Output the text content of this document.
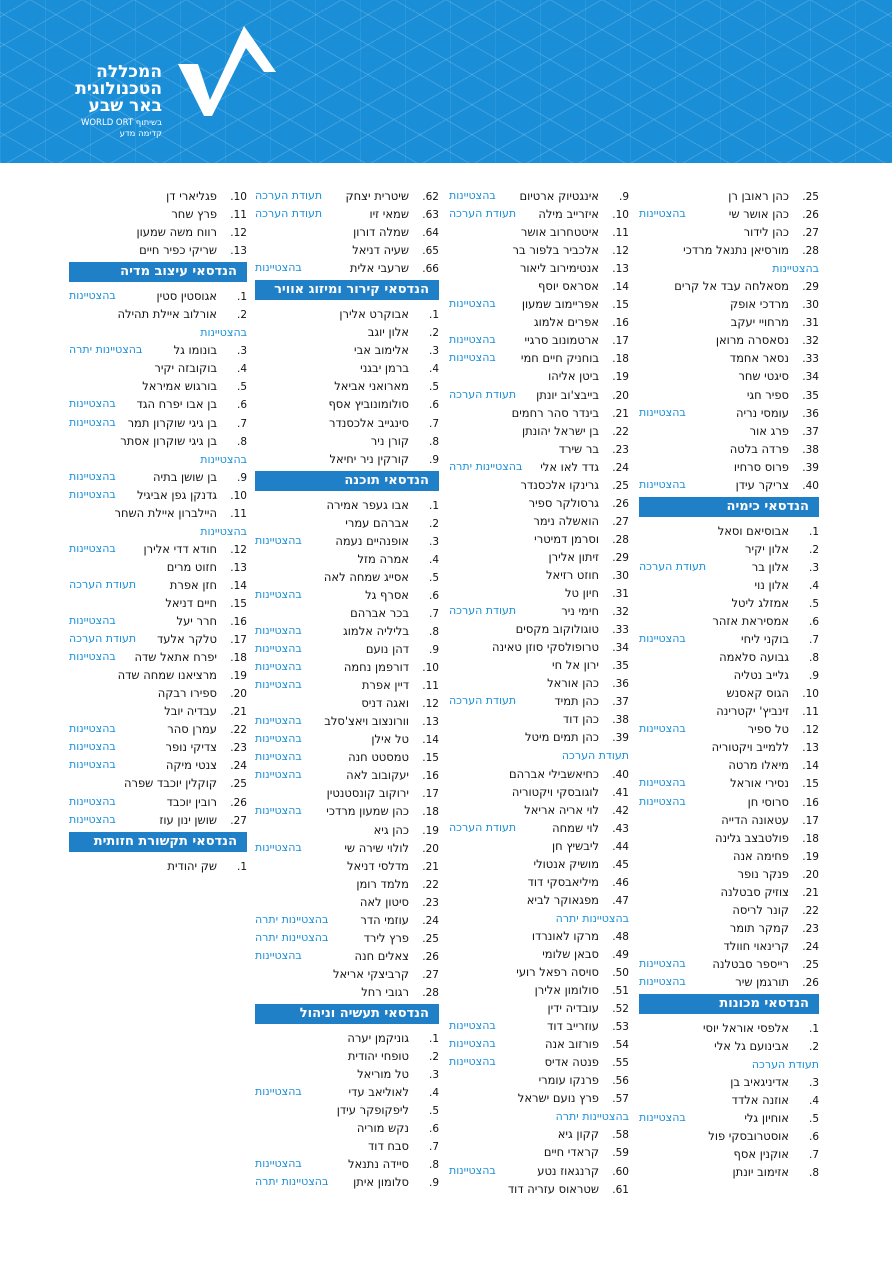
המכללה
הטכנולוגית
באר שבע
בשיתוף WORLD ORT
קדימה מדע
25.כהן ראובן רן
26.כהן אושר שי
בהצטיינות
27.כהן לידור
28.מורסיאן נתנאל מרדכי
בהצטיינות
29.מסאלחה עבד אל קרים
30.מרדכי אופק
31.מרחויי יעקב
32.נסאסרה מרואן
33.נסאר אחמד
34.סיגטי שחר
35.ספיר חגי
36.עומסי נריה
בהצטיינות
37.פרג אור
38.פרדה בלטה
39.פרוס סרחיו
40.צריקר עידן
בהצטיינות
הנדסאי כימיה
1.אבוסיאם וסאל
2.אלון יקיר
3.אלון בר
תעודת הערכה
4.אלון נוי
5.אמזלג ליטל
6.אמסיראת אזהר
7.בוקני ליחי
בהצטיינות
8.גבועה סלאמה
9.גלייב נטליה
10.הגוס קאסנש
11.זינביץ' יקטרינה
12.טל ספיר
בהצטיינות
13.ללמייב ויקטוריה
14.מיאלו מרטה
15.נסירי אוראל
בהצטיינות
16.סרוסי חן
בהצטיינות
17.עטאונה הדייה
18.פולטבצב גלינה
19.פחימה אנה
20.פנקר נופר
21.צוזיק סבטלנה
22.קונר לריסה
23.קמקר תומר
24.קרינאוי חוולד
25.רייספר סבטלנה
בהצטיינות
26.תורגמן שיר
בהצטיינות
הנדסאי מכונות
1.אלפסי אוראל יוסי
2.אבינועם גל אלי
תעודת הערכה
3.אדיניגאיב בן
4.אוזנה אלדד
5.אוחיון גלי
בהצטיינות
6.אוסטרובסקי פול
7.אוקנין אסף
8.אזימוב יונתן
9.אינגטיוק ארטיום
בהצטיינות
10.איזרייב מילה
תעודת הערכה
11.איטטחרוב אושר
12.אלכביר בלפור בר
13.אנטימירוב ליאור
14.אסראס יוסף
15.אפריימוב שמעון
בהצטיינות
16.אפרים אלמוג
17.ארטמונוב סרגיי
בהצטיינות
18.בוחניק חיים חמי
בהצטיינות
19.ביטן אליהו
20.בייבצ'וב יונתן
תעודת הערכה
21.בינדר סהר רחמים
22.בן ישראל יהונתן
23.בר שירד
24.גדד לאו אלי
בהצטיינות יתרה
25.גרינקו אלכסנדר
26.גרסולקר ספיר
27.הואשלה נימר
28.וסרמן דמיטרי
29.זיתון אלירן
30.חוזט רזיאל
31.חיון טל
32.חימי ניר
תעודת הערכה
33.טוגולוקוב מקסים
34.טרופולסקי סוזן טאינה
35.ירון אל חי
36.כהן אוראל
37.כהן תמיד
תעודת הערכה
38.כהן דוד
39.כהן תמים מיטל
תעודת הערכה
40.כחיאשבילי אברהם
41.לוגובסקי ויקטוריה
42.לוי אריה אריאל
43.לוי שמחה
תעודת הערכה
44.ליבשיץ חן
45.מושיק אנטולי
46.מיליאבסקי דוד
47.מפגאוקר לביא
בהצטיינות יתרה
48.מרקו לאונרדו
49.סבאן שלומי
50.סויסה רפאל רועי
51.סולומון אלירן
52.עובדיה ידין
53.עוזרייב דוד
בהצטיינות
54.פורזוב אנה
בהצטיינות
55.פנטה אדיס
בהצטיינות
56.פרנקו עומרי
57.פרץ נועם ישראל
בהצטיינות יתרה
58.קקון גיא
59.קראדי חיים
60.קרנגאוז נטע
בהצטיינות
61.שטראוס עזריה דוד
62.שיטרית יצחק
תעודת הערכה
63.שמאי זיו
תעודת הערכה
64.שמלה דורון
65.שעיה דניאל
66.שרעבי אלית
בהצטיינות
הנדסאי קירור ומיזוג אוויר
1.אבוקרט אלירן
2.אלון יוגב
3.אלימוב אבי
4.ברמן יבגני
5.מארואני אביאל
6.סולומונוביץ אסף
7.סינגייב אלכסנדר
8.קורן ניר
9.קורקין ניר יחיאל
הנדסאי תוכנה
1.אבו געפר אמירה
2.אברהם עמרי
3.אופנהיים נעמה
בהצטיינות
4.אמרה מזל
5.אסייג שמחה לאה
6.אסרף גל
בהצטיינות
7.בכר אברהם
8.בליליה אלמוג
בהצטיינות
9.דהן נועם
בהצטיינות
10.דורפמן נחמה
בהצטיינות
11.דיין אפרת
בהצטיינות
12.ואגה דניס
13.וורונצוב ויאצ'סלב
בהצטיינות
14.טל אילן
בהצטיינות
15.טמסטט חנה
בהצטיינות
16.יעקובוב לאה
בהצטיינות
17.ירוקוב קונסטנטין
18.כהן שמעון מרדכי
בהצטיינות
19.כהן גיא
20.לולוי שירה שי
בהצטיינות
21.מדלסי דניאל
22.מלמד רומן
23.סיטון לאה
24.עוזמי הדר
בהצטיינות יתרה
25.פרץ לירד
בהצטיינות יתרה
26.צאלים חנה
בהצטיינות
27.קרביצקי אריאל
28.רגובי רחל
הנדסאי תעשיה וניהול
1.גוניקמן יערה
2.טופחי יהודית
3.טל מוריאל
4.לאוליאב עדי
בהצטיינות
5.ליפקופקר עידן
6.נקש מוריה
7.סבח דוד
8.סיידה נתנאל
בהצטיינות
9.סלומון איתן
בהצטיינות יתרה
10.פגליארי דן
11.פרץ שחר
12.רווח משה שמעון
13.שריקי כפיר חיים
הנדסאי עיצוב מדיה
1.אגוסטין סטין
בהצטיינות
2.אורלוב איילת תהילה
בהצטיינות
3.בונומו גל
בהצטיינות יתרה
4.בוקובזה יקיר
5.בורגוש אמיראל
6.בן אבו יפרח הגד
בהצטיינות
7.בן גיגי שוקרון תמר
בהצטיינות
8.בן גיגי שוקרון אסתר
בהצטיינות
9.בן שושן בתיה
בהצטיינות
10.גדנקן גפן אביגיל
בהצטיינות
11.היילברון איילת השחר
בהצטיינות
12.חודא דדי אלירן
בהצטיינות
13.חזוט מרים
14.חזן אפרת
תעודת הערכה
15.חיים דניאל
16.חרר יעל
בהצטיינות
17.טלקר אלעד
תעודת הערכה
18.יפרח אתאל שדה
בהצטיינות
19.מרציאנו שמחה שדה
20.ספירו רבקה
21.עבדיה יובל
22.עמרן סהר
בהצטיינות
23.צדיקי נופר
בהצטיינות
24.צנטי מיקה
בהצטיינות
25.קוקלין יוכבד שפרה
26.רובין יוכבד
בהצטיינות
27.שושן ינון עוז
בהצטיינות
הנדסאי תקשורת חזותית
1.שק יהודית
